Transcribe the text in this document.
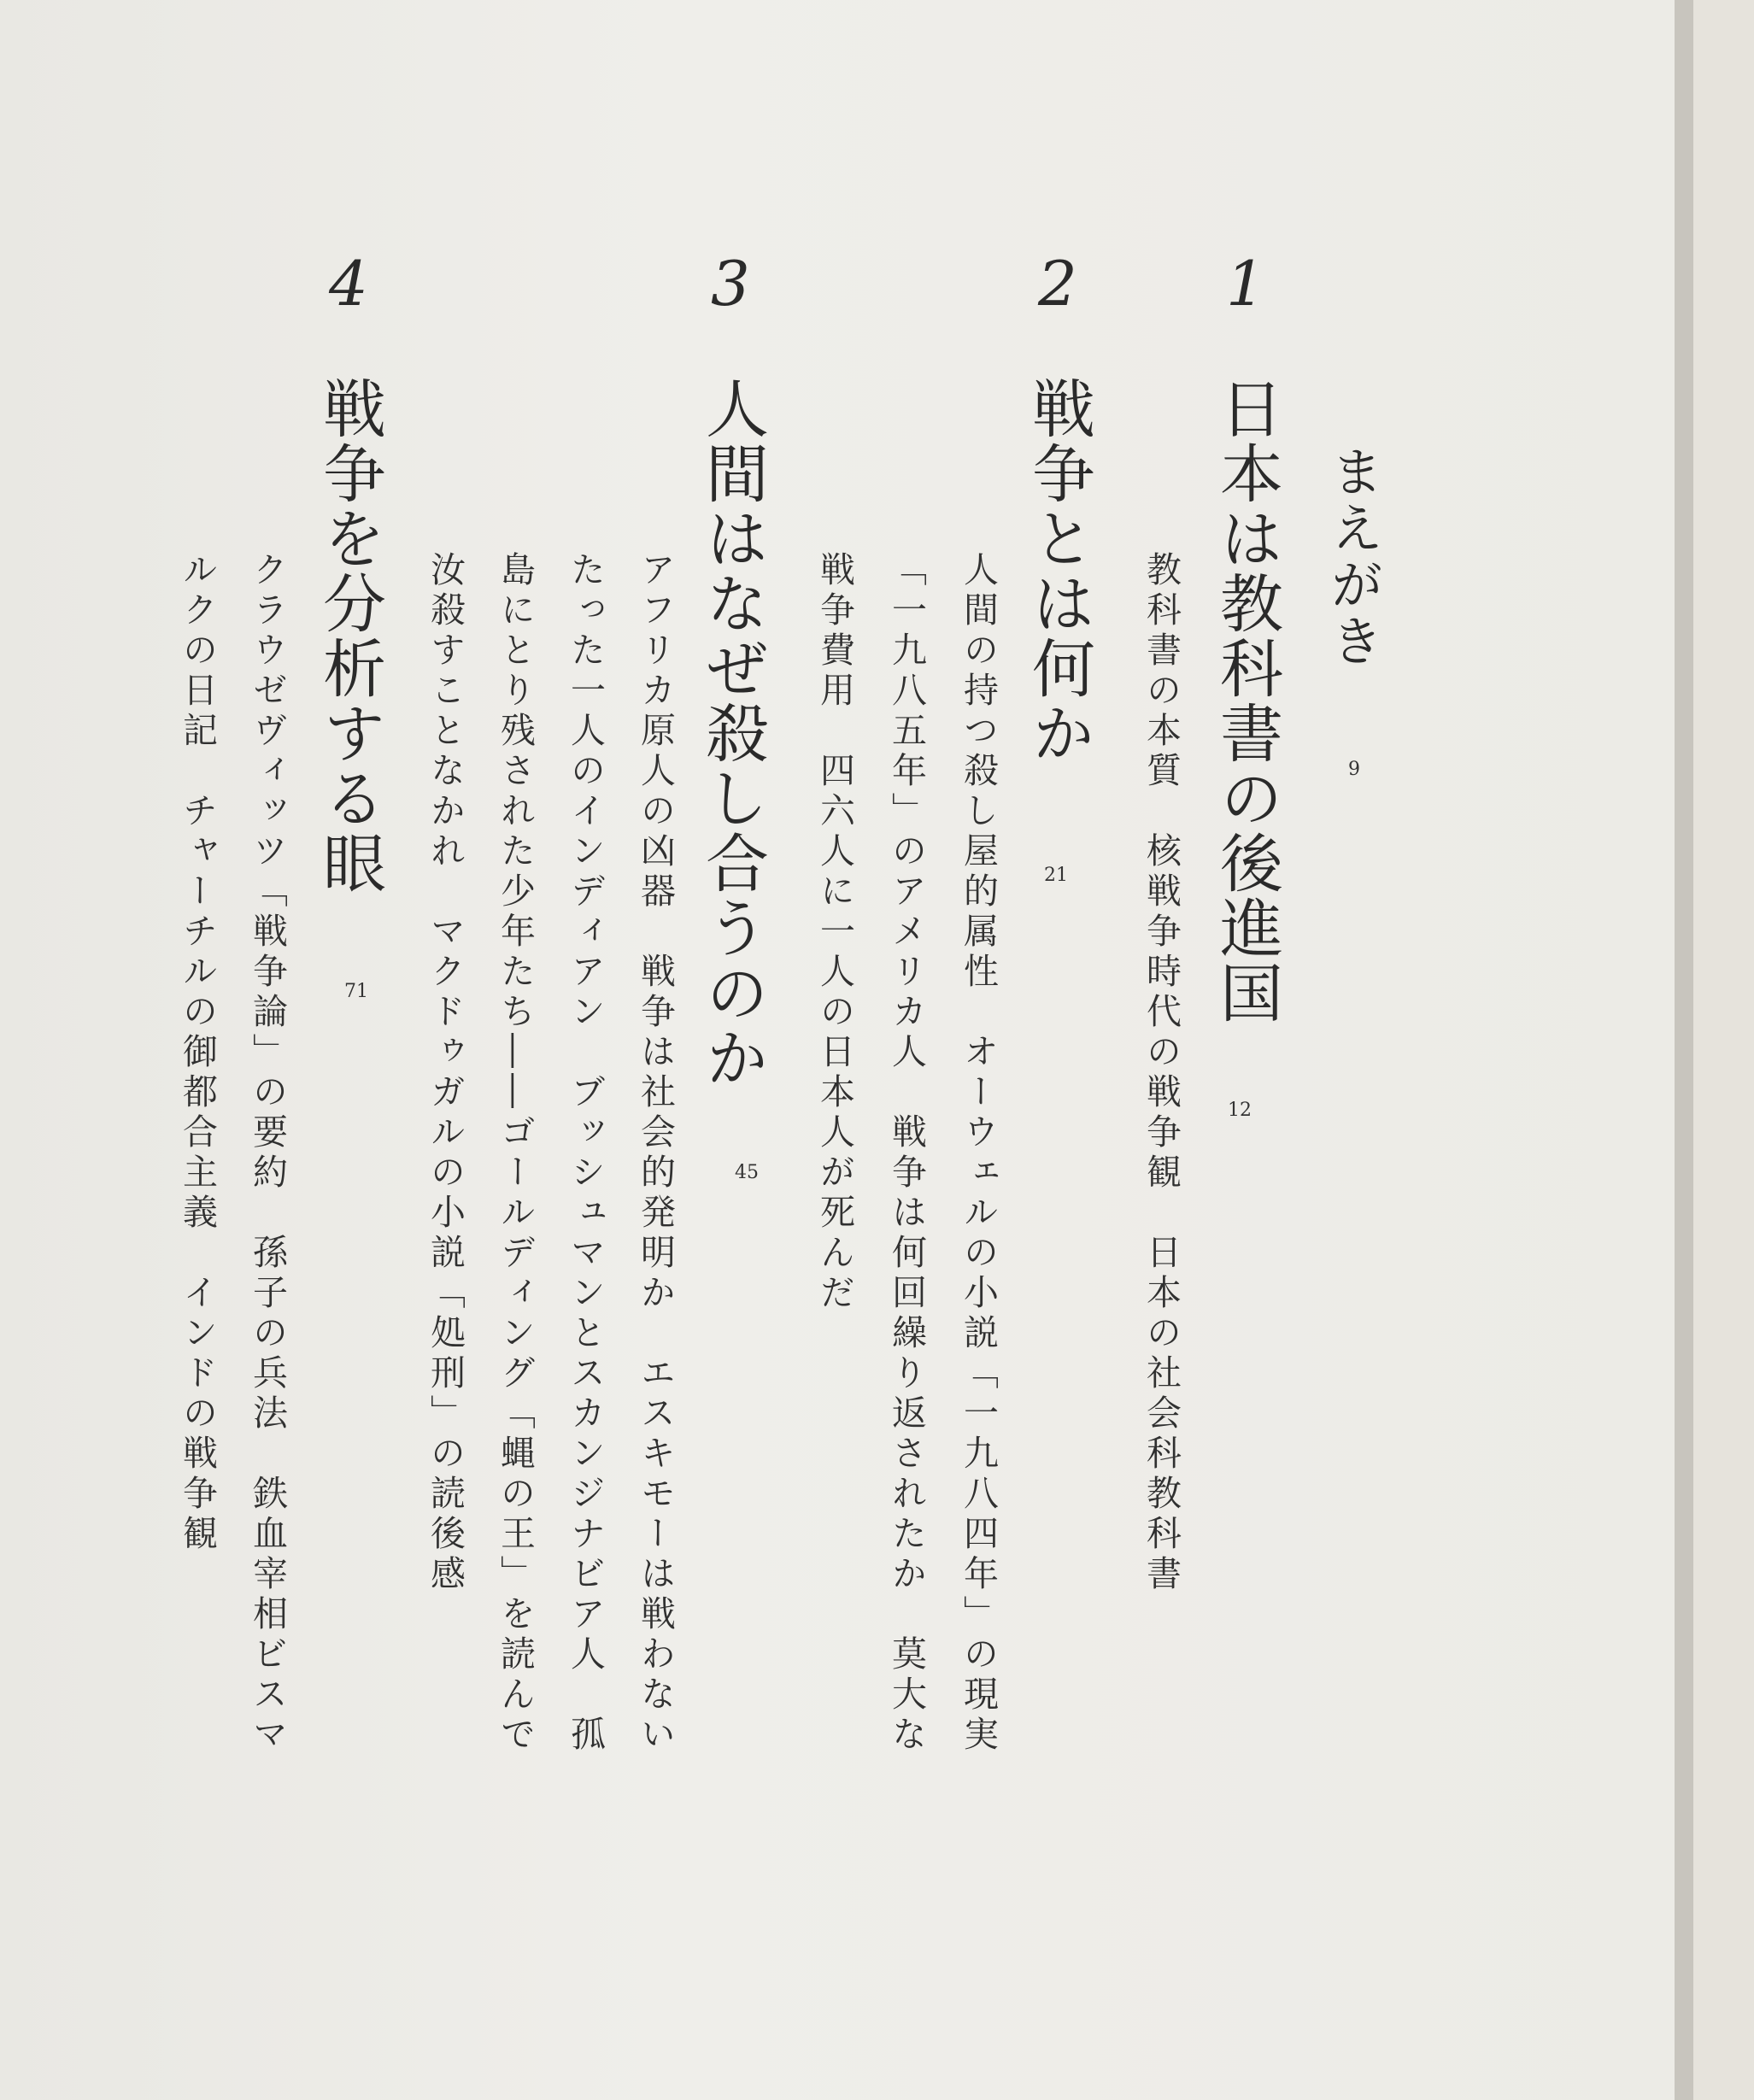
まえがき
9
1
日本は教科書の後進国
12
教科書の本質　核戦争時代の戦争観　日本の社会科教科書
2
戦争とは何か
21
人間の持つ殺し屋的属性　オーウェルの小説「一九八四年」の現実
「一九八五年」のアメリカ人　戦争は何回繰り返されたか　莫大な
戦争費用　四六人に一人の日本人が死んだ
3
人間はなぜ殺し合うのか
45
アフリカ原人の凶器　戦争は社会的発明か　エスキモーは戦わない
たった一人のインディアン　ブッシュマンとスカンジナビア人　孤
島にとり残された少年たち――ゴールディング「蝿の王」を読んで
汝殺すことなかれ　マクドゥガルの小説「処刑」の読後感
4
戦争を分析する眼
71
クラウゼヴィッツ「戦争論」の要約　孫子の兵法　鉄血宰相ビスマ
ルクの日記　チャーチルの御都合主義　インドの戦争観
